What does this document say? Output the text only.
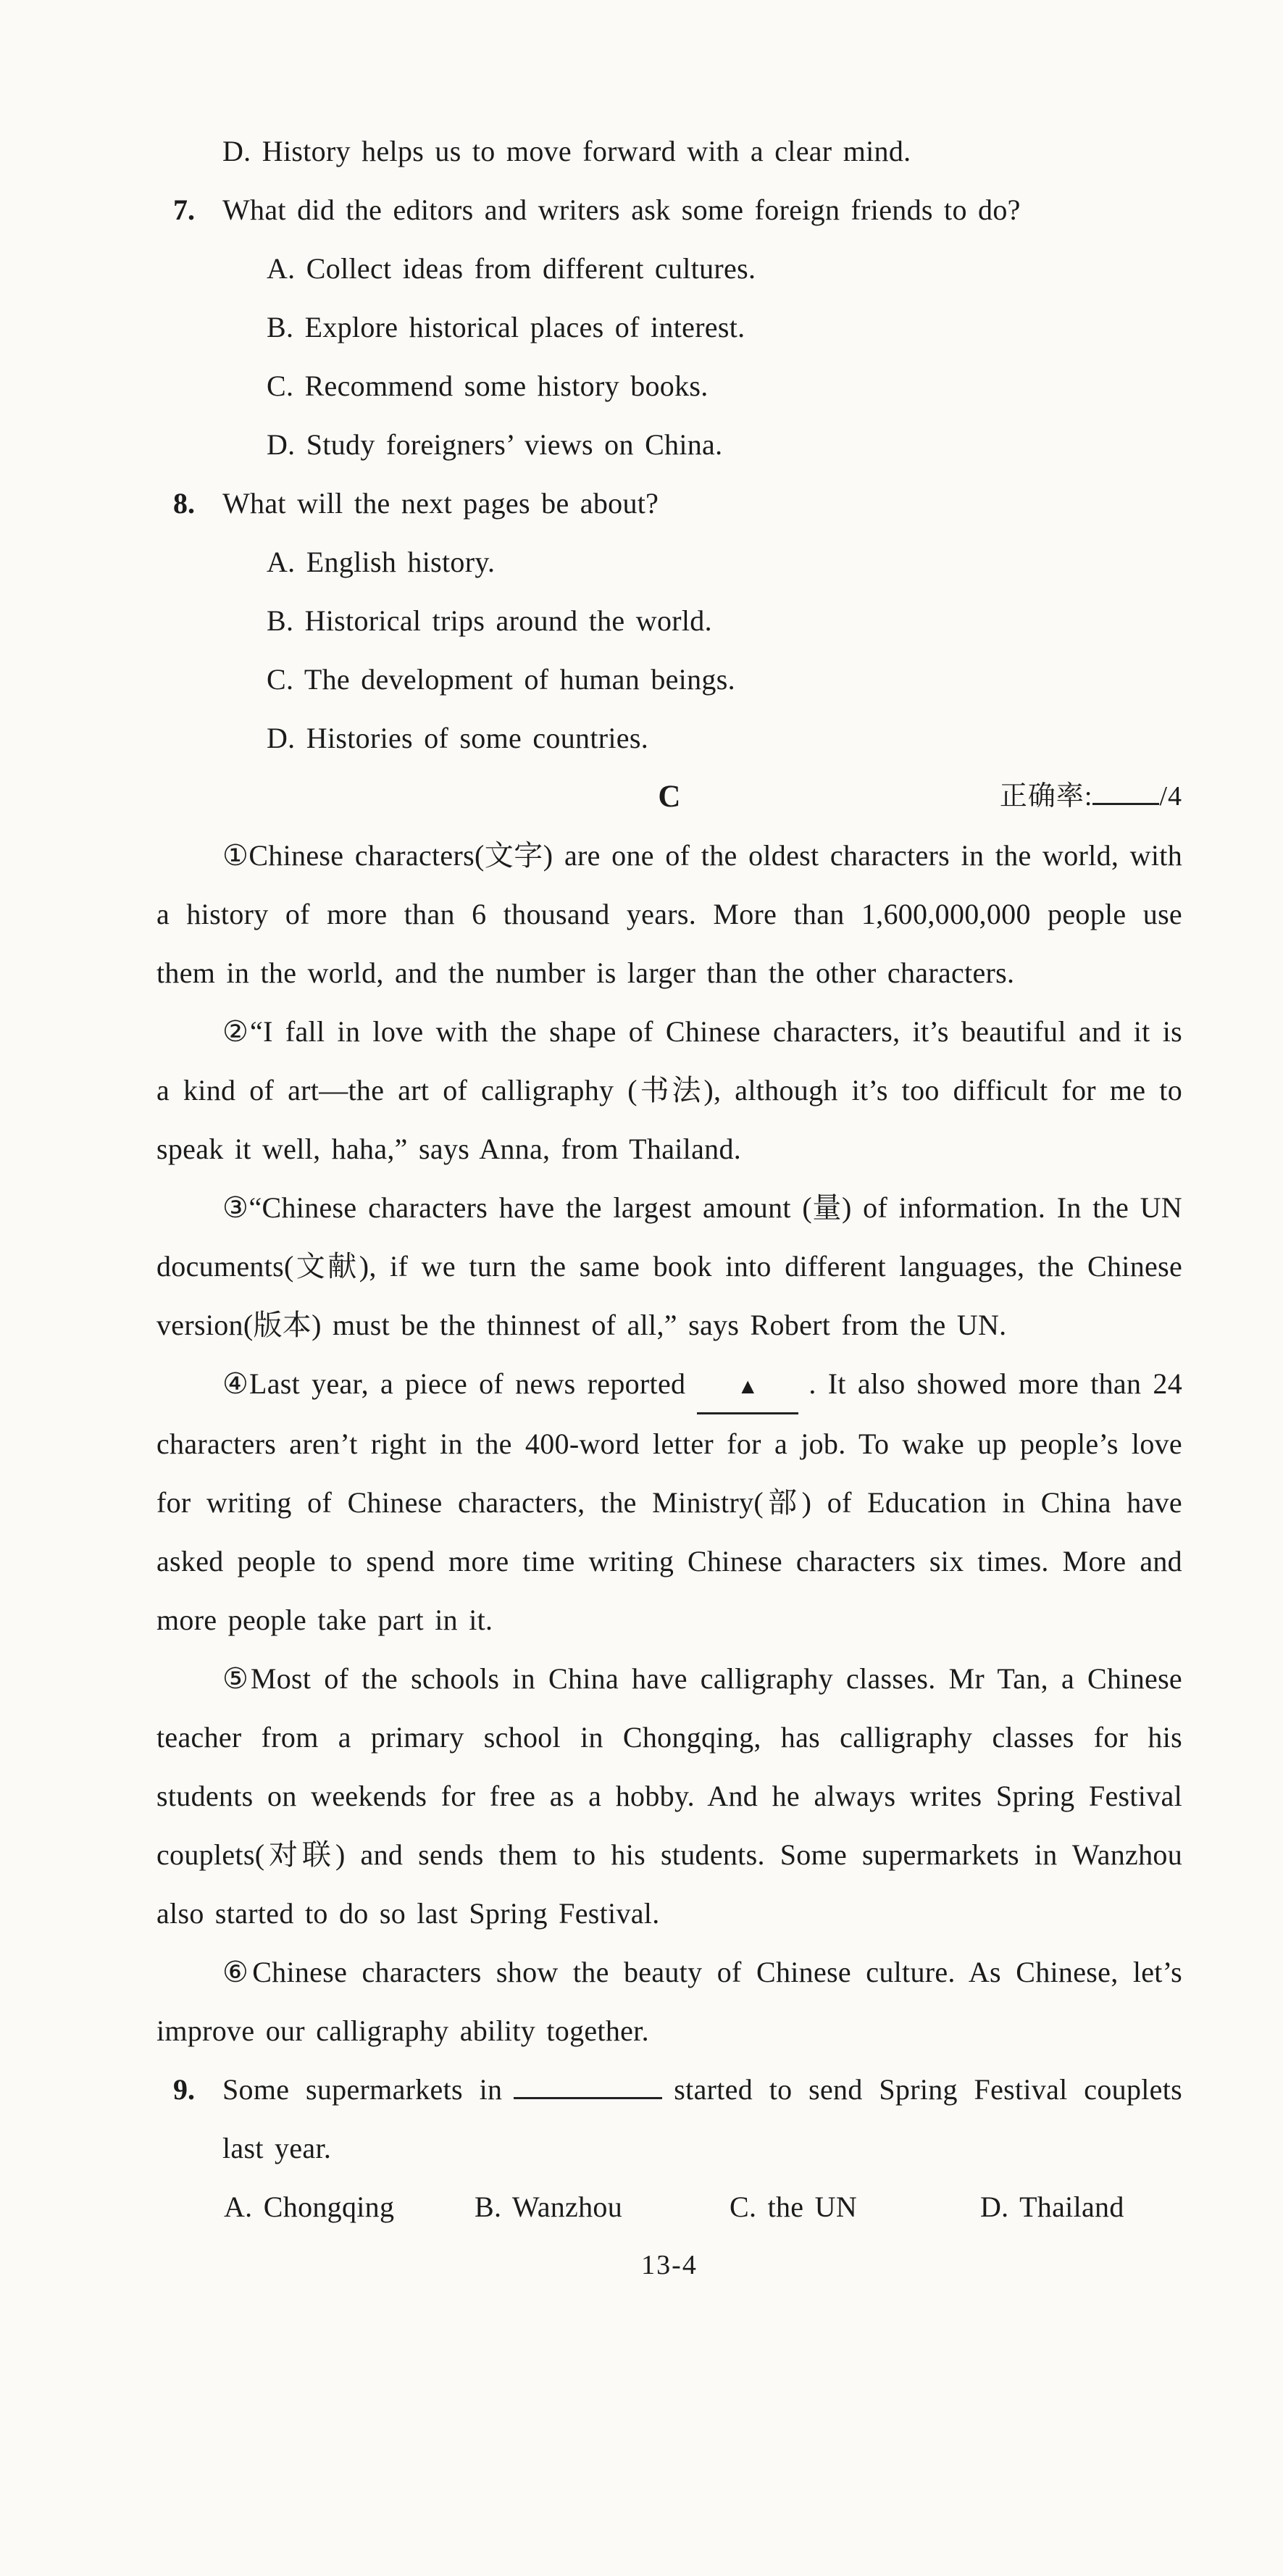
D. History helps us to move forward with a clear mind.
7. What did the editors and writers ask some foreign friends to do?
A. Collect ideas from different cultures.
B. Explore historical places of interest.
C. Recommend some history books.
D. Study foreigners’ views on China.
8. What will the next pages be about?
A. English history.
B. Historical trips around the world.
C. The development of human beings.
D. Histories of some countries.
C	正确率: /4

①Chinese characters(文字) are one of the oldest characters in the world, with a history of more than 6 thousand years. More than 1,600,000,000 people use them in the world, and the number is larger than the other characters.

②“I fall in love with the shape of Chinese characters, it’s beautiful and it is a kind of art—the art of calligraphy (书法), although it’s too difficult for me to speak it well, haha,” says Anna, from Thailand.

③“Chinese characters have the largest amount (量) of information. In the UN documents(文献), if we turn the same book into different languages, the Chinese version(版本) must be the thinnest of all,” says Robert from the UN.

④Last year, a piece of news reported ▲ . It also showed more than 24 characters aren’t right in the 400-word letter for a job. To wake up people’s love for writing of Chinese characters, the Ministry(部) of Education in China have asked people to spend more time writing Chinese characters six times. More and more people take part in it.

⑤Most of the schools in China have calligraphy classes. Mr Tan, a Chinese teacher from a primary school in Chongqing, has calligraphy classes for his students on weekends for free as a hobby. And he always writes Spring Festival couplets(对联) and sends them to his students. Some supermarkets in Wanzhou also started to do so last Spring Festival.

⑥Chinese characters show the beauty of Chinese culture. As Chinese, let’s improve our calligraphy ability together.

9. Some supermarkets in	started to send Spring Festival couplets last year.
A. Chongqing	B. Wanzhou	C. the UN	D. Thailand
13-4
